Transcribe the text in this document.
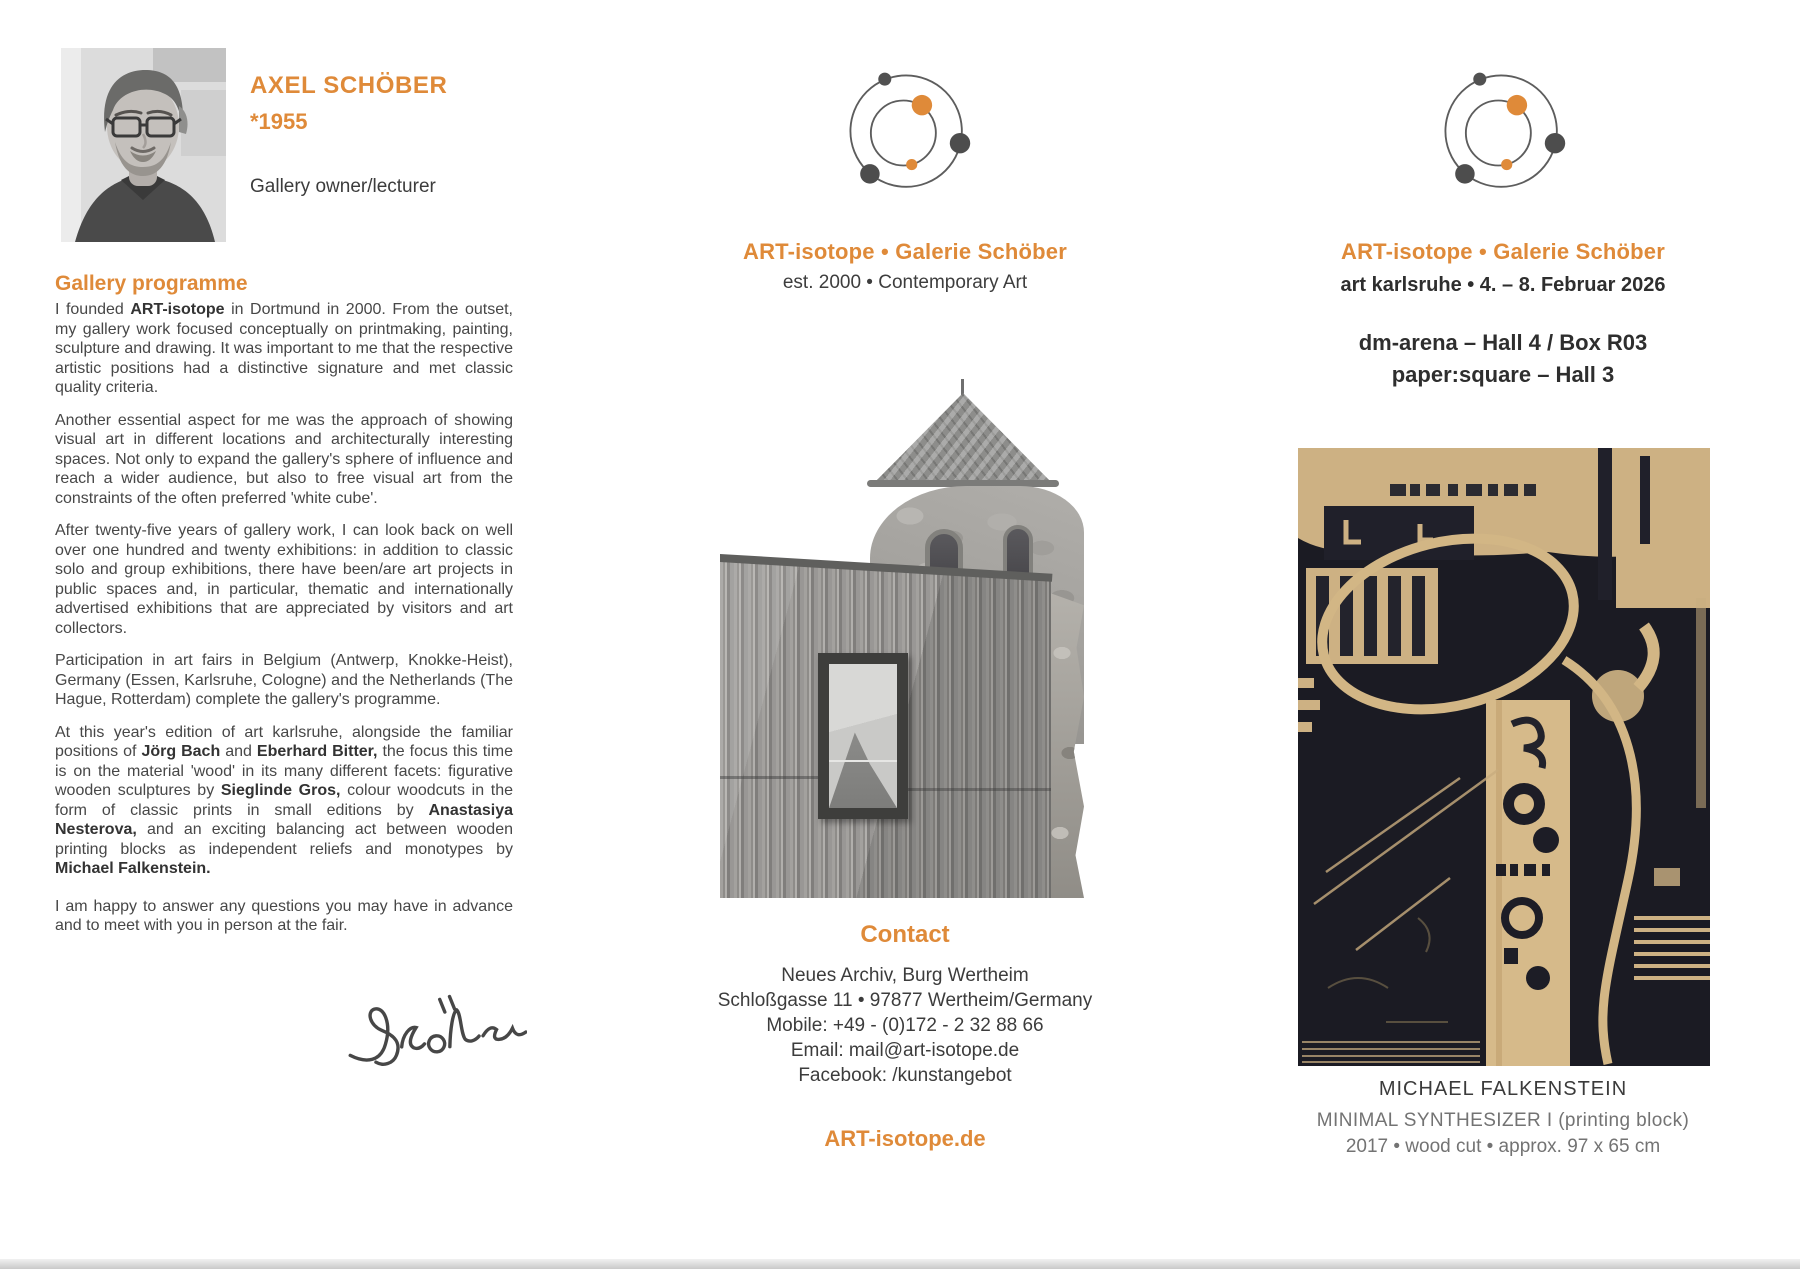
AXEL SCHÖBER
*1955
Gallery owner/lecturer
Gallery programme

I founded ART-isotope in Dortmund in 2000. From the outset, my gallery work focused conceptually on printmaking, painting, sculpture and drawing. It was important to me that the respective artistic positions had a distinctive signature and met classic quality criteria.

Another essential aspect for me was the approach of showing visual art in different locations and architecturally interesting spaces. Not only to expand the gallery's sphere of influence and reach a wider audience, but also to free visual art from the constraints of the often preferred 'white cube'.

After twenty-five years of gallery work, I can look back on well over one hundred and twenty exhibitions: in addition to classic solo and group exhibitions, there have been/are art projects in public spaces and, in particular, thematic and internationally advertised exhibitions that are appreciated by visitors and art collectors.

Participation in art fairs in Belgium (Antwerp, Knokke-Heist), Germany (Essen, Karlsruhe, Cologne) and the Netherlands (The Hague, Rotterdam) complete the gallery's programme.

At this year's edition of art karlsruhe, alongside the familiar positions of Jörg Bach and Eberhard Bitter, the focus this time is on the material 'wood' in its many different facets: figurative wooden sculptures by Sieglinde Gros, colour woodcuts in the form of classic prints in small editions by Anastasiya Nesterova, and an exciting balancing act between wooden printing blocks as independent reliefs and monotypes by Michael Falkenstein.

I am happy to answer any questions you may have in advance and to meet with you in person at the fair.

ART-isotope • Galerie Schöber
est. 2000 • Contemporary Art
Contact
Neues Archiv, Burg Wertheim
Schloßgasse 11 • 97877 Wertheim/Germany
Mobile: +49 - (0)172 - 2 32 88 66
Email: mail@art-isotope.de
Facebook: /kunstangebot
ART-isotope.de
ART-isotope • Galerie Schöber
art karlsruhe • 4. – 8. Februar 2026
dm-arena – Hall 4 / Box R03
paper:square – Hall 3
MICHAEL FALKENSTEIN
MINIMAL SYNTHESIZER I (printing block)
2017 • wood cut • approx. 97 x 65 cm
